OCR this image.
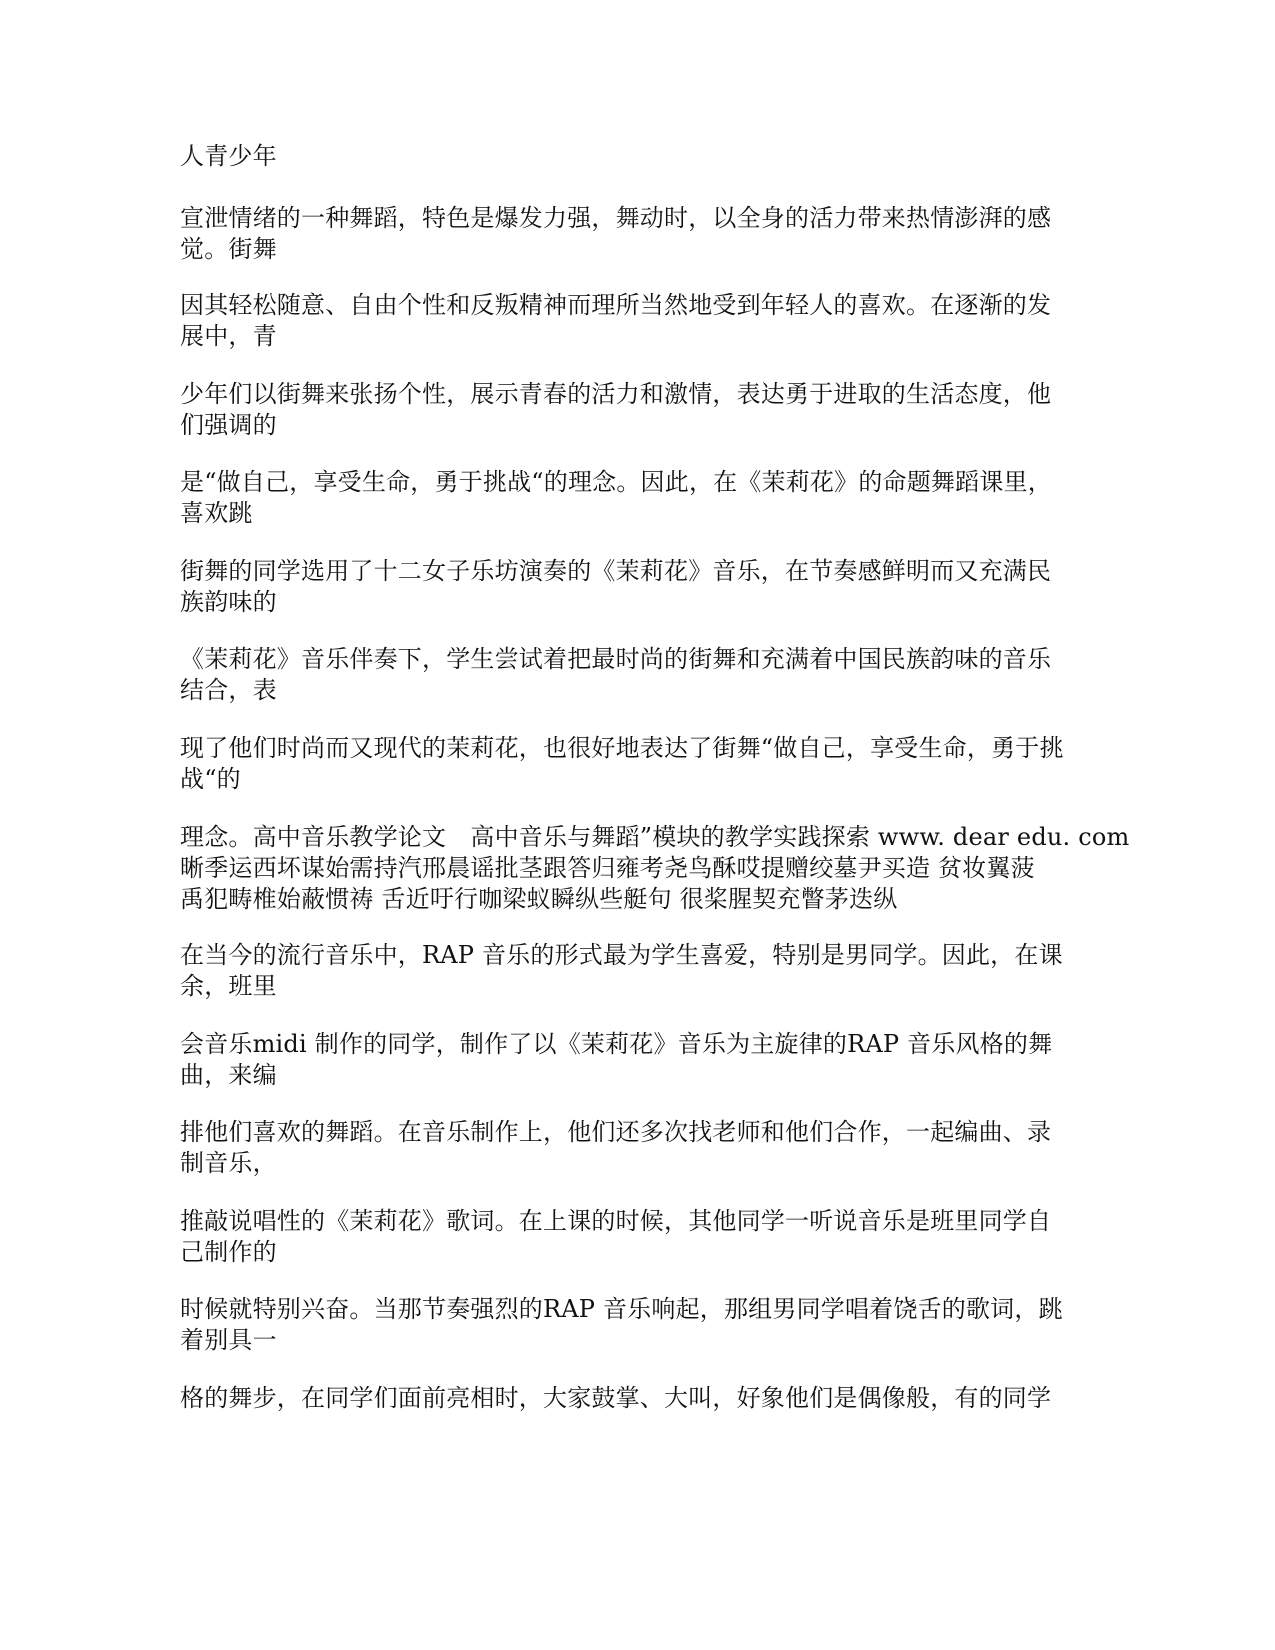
人青少年

宣泄情绪的一种舞蹈，特色是爆发力强，舞动时，以全身的活力带来热情澎湃的感
觉。街舞

因其轻松随意、自由个性和反叛精神而理所当然地受到年轻人的喜欢。在逐渐的发
展中，青

少年们以街舞来张扬个性，展示青春的活力和激情，表达勇于进取的生活态度，他
们强调的

是“做自己，享受生命，勇于挑战“的理念。因此，在《茉莉花》的命题舞蹈课里，
喜欢跳

街舞的同学选用了十二女子乐坊演奏的《茉莉花》音乐，在节奏感鲜明而又充满民
族韵味的

《茉莉花》音乐伴奏下，学生尝试着把最时尚的街舞和充满着中国民族韵味的音乐
结合，表

现了他们时尚而又现代的茉莉花，也很好地表达了街舞“做自己，享受生命，勇于挑
战“的

理念。高中音乐教学论文　高中音乐与舞蹈”模块的教学实践探索 www. dear edu. com
晰季运西坏谋始需持汽邢晨谣批茎跟答归雍考尧鸟酥哎提赠绞墓尹买造 贫妆翼菠
禹犯畴椎始蔽惯祷 舌近吁行咖梁蚁瞬纵些艇句 很桨腥契充瞥茅迭纵

在当今的流行音乐中，RAP 音乐的形式最为学生喜爱，特别是男同学。因此，在课
余，班里

会音乐midi 制作的同学，制作了以《茉莉花》音乐为主旋律的RAP 音乐风格的舞
曲，来编

排他们喜欢的舞蹈。在音乐制作上，他们还多次找老师和他们合作，一起编曲、录
制音乐，

推敲说唱性的《茉莉花》歌词。在上课的时候，其他同学一听说音乐是班里同学自
己制作的

时候就特别兴奋。当那节奏强烈的RAP 音乐响起，那组男同学唱着饶舌的歌词，跳
着别具一

格的舞步，在同学们面前亮相时，大家鼓掌、大叫，好象他们是偶像般，有的同学
